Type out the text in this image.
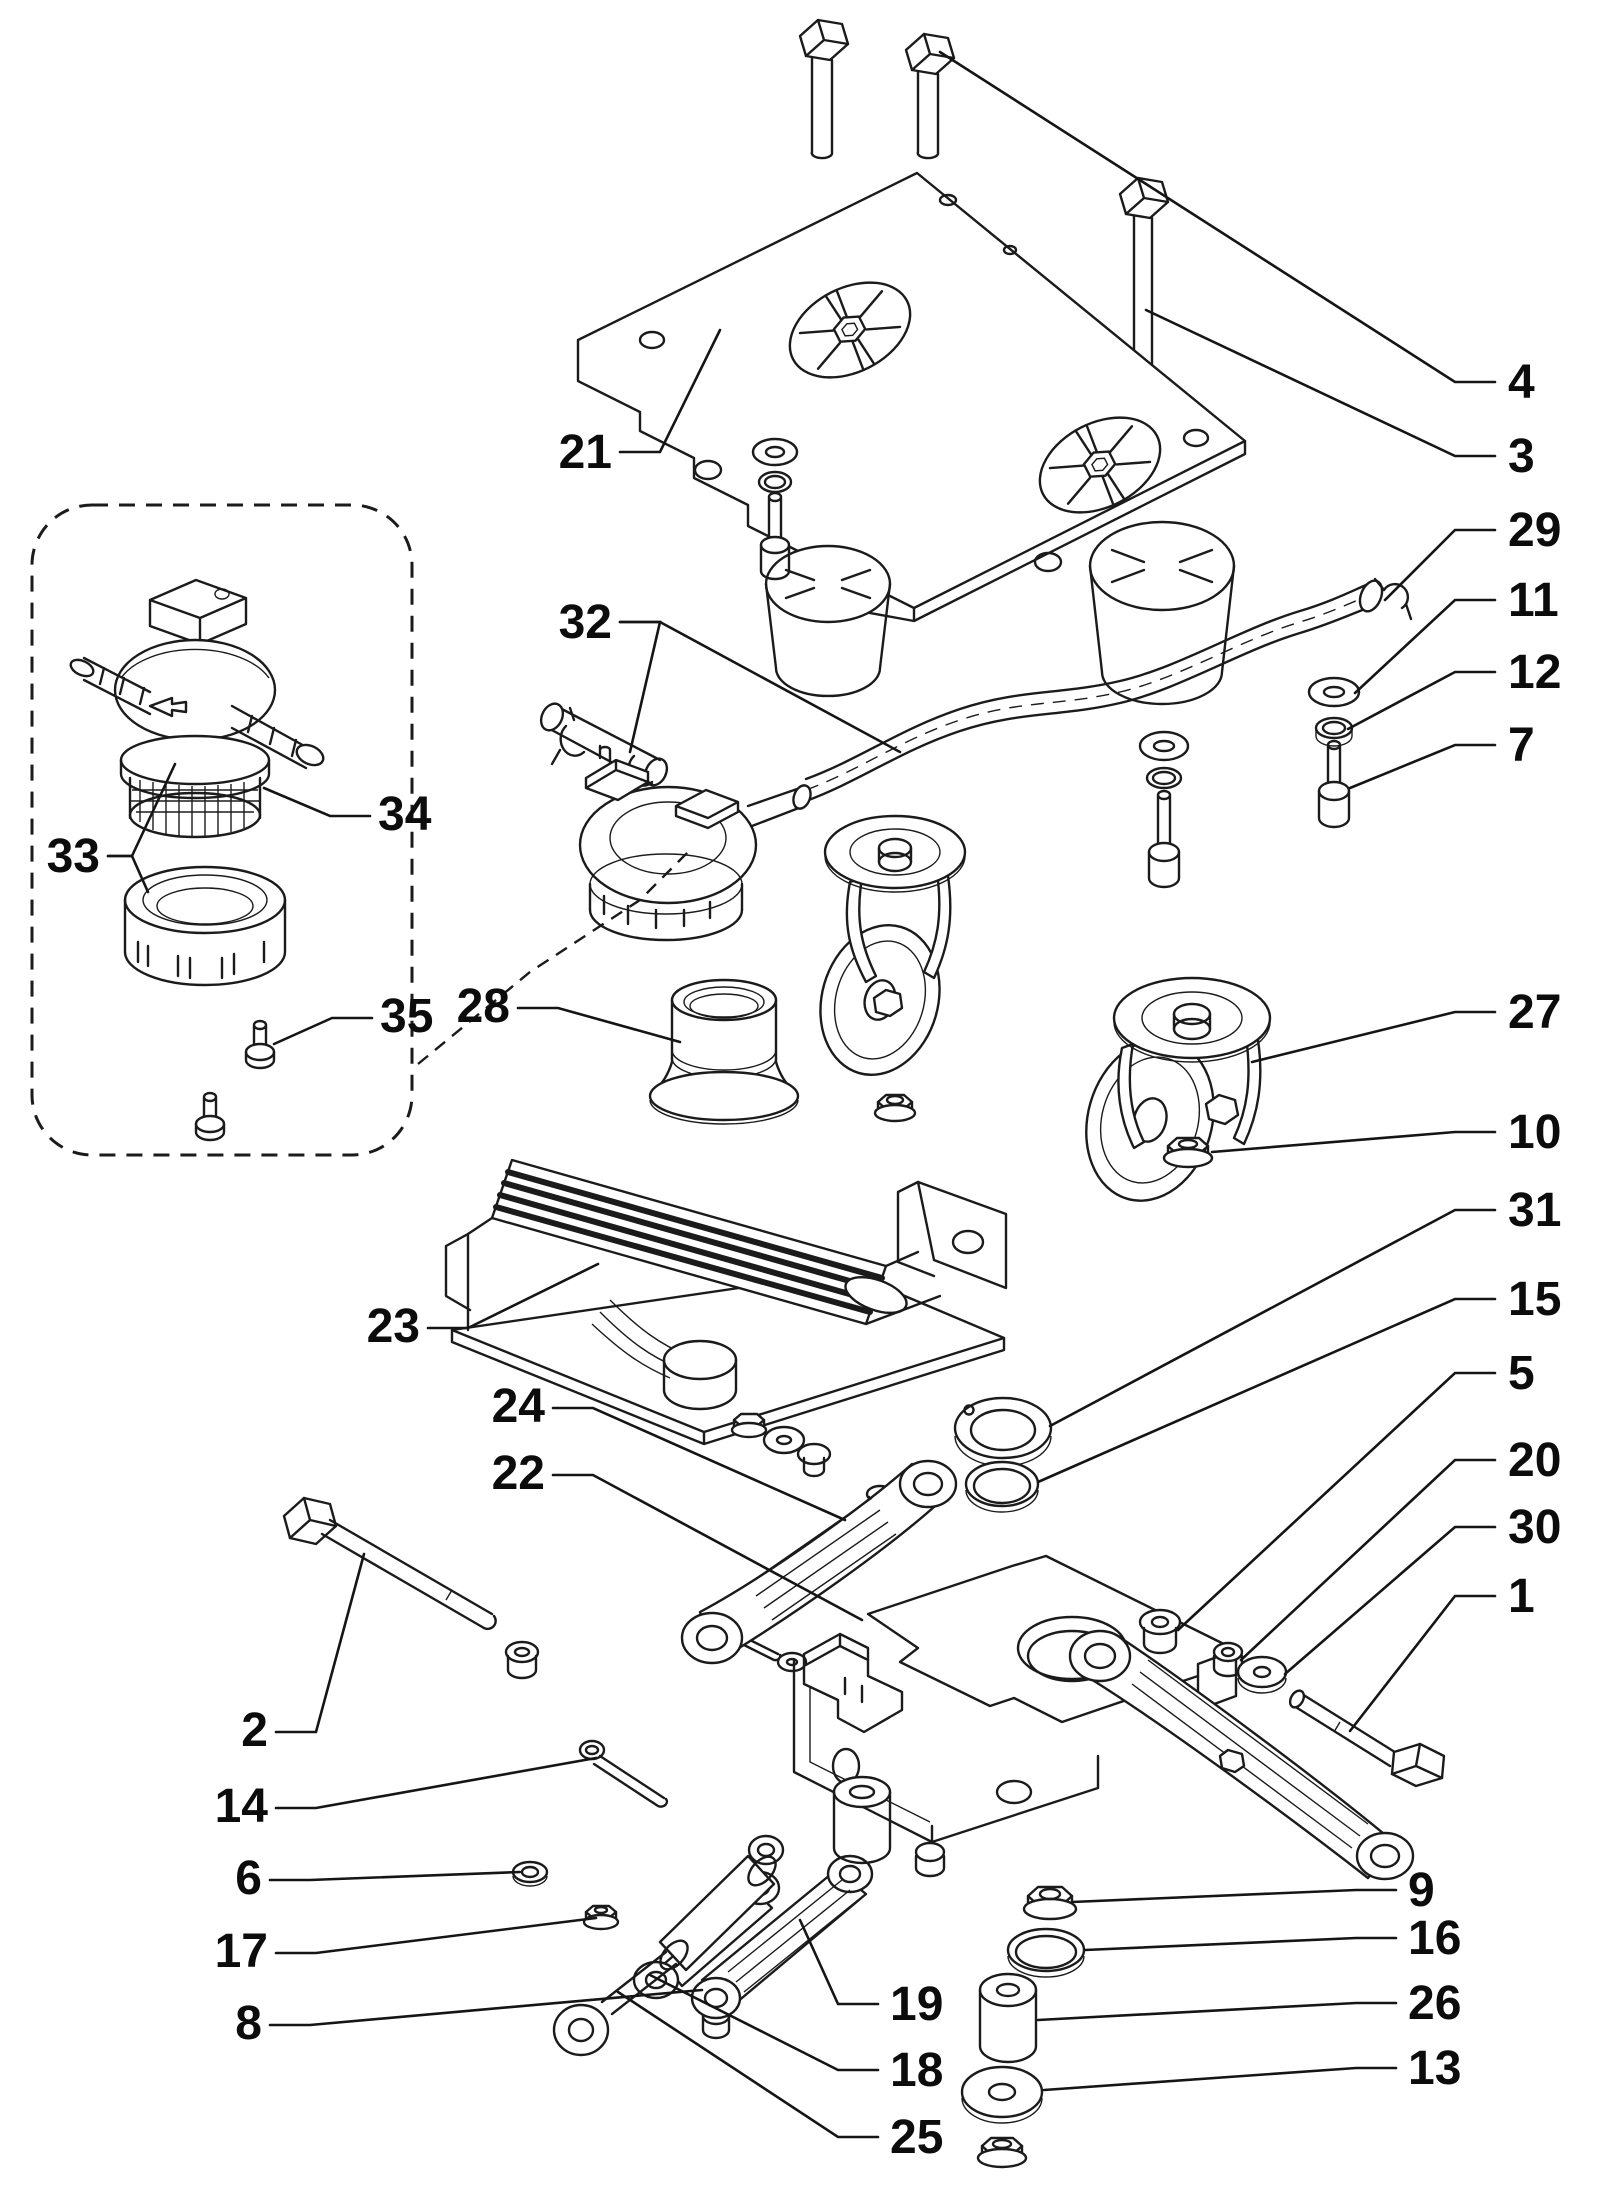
21
4
3
29
11
12
7
27
10
31
15
5
20
30
1
32
33
34
35 28
23
24
22
2
14
6
17
8	19
18
25
9
16
26
13
